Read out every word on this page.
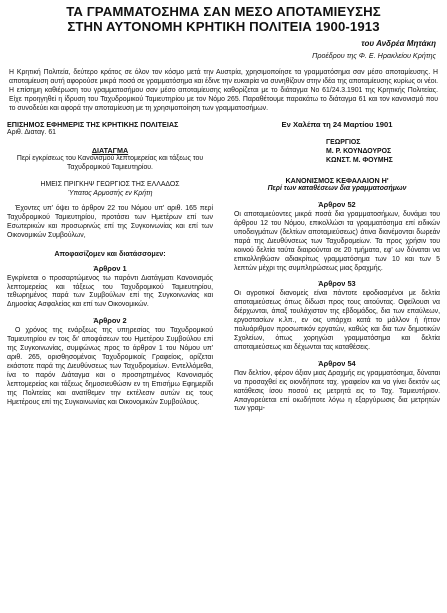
ΤΑ ΓΡΑΜΜΑΤΟΣΗΜΑ ΣΑΝ ΜΕΣΟ ΑΠΟΤΑΜΙΕΥΣΗΣ
ΣΤΗΝ ΑΥΤΟΝΟΜΗ ΚΡΗΤΙΚΗ ΠΟΛΙΤΕΙΑ 1900-1913
του Ανδρέα Μητάκη
Προέδρου της Φ. Ε. Ηρακλείου Κρήτης
Η Κρητική Πολιτεία, δεύτερο κράτος σε όλον τον κόσμο μετά την Αυστρία, χρησιμοποίησε τα γραμματόσημα σαν μέσο αποταμίευσης. Η αποταμίευση αυτή αφορούσε μικρά ποσά σε γραμματόσημα και έδινε την ευκαιρία να συνηθίζουν στην ιδέα της αποταμίευσης κυρίως οι νέοι. Η επίσημη καθιέρωση του γραμματοσήμου σαν μέσο αποταμίευσης καθορίζεται με το διάταγμα Νο 61/24.3.1901 της Κρητικής Πολιτείας. Είχε προηγηθεί η ίδρυση του Ταχυδρομικού Ταμιευτηρίου με τον Νόμο 265. Παραθέτουμε παρακάτω το διάταγμα 61 και τον κανονισμό που το συνοδεύει και αφορά την αποταμίευση με τη χρησιμοποίηση των γραμματοσήμων.
ΕΠΙΣΗΜΟΣ ΕΦΗΜΕΡΙΣ ΤΗΣ ΚΡΗΤΙΚΗΣ ΠΟΛΙΤΕΙΑΣ
Αριθ. Διαταγ. 61
ΔΙΑΤΑΓΜΑ
Περί εγκρίσεως του Κανονισμού λεπτομερείας και τάξεως του Ταχυδρομικού Ταμιευτηρίου.
ΗΜΕΙΣ ΠΡΙΓΚΗΨ ΓΕΩΡΓΙΟΣ ΤΗΣ ΕΛΛΑΔΟΣ
Ύπατος Αρμοστής εν Κρήτη
Έχοντες υπ' όψει το άρθρον 22 του Νόμου υπ' αριθ. 165 περί Ταχυδρομικού Ταμιευτηρίου, προτάσει των Ημετέρων επί των Εσωτερικών και προσωρινώς επί της Συγκοινωνίας και επί των Οικονομικών Συμβούλων,
Αποφασίζομεν και διατάσσομεν:
Άρθρον 1
Εγκρίνεται ο προσαρτώμενος τω παρόντι Διατάγματι Κανονισμός λεπτομερείας και τάξεως του Ταχυδρομικού Ταμιευτηρίου, τεθωρημένος παρά των Συμβούλων επί της Συγκοινωνίας και Δημοσίας Ασφαλείας και επί των Οικονομικών.
Άρθρον 2
Ο χρόνος της ενάρξεως της υπηρεσίας του Ταχυδρομικού Ταμιευτηρίου εν τοις δι' αποφάσεων του Ημετέρου Συμβούλου επί της Συγκοινωνίας, συμφώνως προς το άρθρον 1 του Νόμου υπ' αριθ. 265, ορισθησομένοις Ταχυδρομικοίς Γραφείοις, ορίζεται εκάστοτε παρά της Διευθύνσεως των Ταχυδρομείων. Εντελλόμεθα, ίνα το παρόν Διάταγμα και ο προσηρτημένος Κανονισμός λεπτομερείας και τάξεως δημοσιευθώσιν εν τη Επισήμω Εφημερίδι της Πολιτείας και ανατίθεμεν την εκτέλεσιν αυτών εις τους Ημετέρους επί της Συγκοινωνίας και Οικονομικών Συμβούλους.
Εν Χαλέπα τη 24 Μαρτίου 1901
ΓΕΩΡΓΙΟΣ
Μ. Ρ. ΚΟΥΝΔΟΥΡΟΣ
ΚΩΝΣΤ. Μ. ΦΟΥΜΗΣ
ΚΑΝΟΝΙΣΜΟΣ ΚΕΦΑΛΑΙΟΝ Η'
Περί των καταθέσεων δια γραμματοσήμων
Άρθρον 52
Οι αποταμιεύοντες μικρά ποσά δια γραμματοσήμων, δυνάμει του άρθρου 12 του Νόμου, επικολλώσι τα γραμματόσημα επί ειδικών υποδειγμάτων (δελτίων αποταμιεύσεως) άτινα διανέμονται δωρεάν παρά της Διευθύνσεως των Ταχυδρομείων. Τα προς χρήσιν του κοινού δελτία ταύτα διαιρούνται σε 20 τμήματα, εφ' ων δύναται να επικολληθώσιν αδιακρίτως γραμματόσημα των 10 και των 5 λεπτών μέχρι της συμπληρώσεως μιας δραχμής.
Άρθρον 53
Οι αγροτικοί διανομείς είναι πάντοτε εφοδιασμένοι με δελτία αποταμιεύσεως όπως δίδωσι προς τους αιτούντας. Οφείλουσι να διέρχωνται, άπαξ τουλάχιστον της εβδομάδος, δια των επαύλεων, εργοστασίων κ.λπ., εν οις υπάρχει κατά το μάλλον ή ήττον πολυάριθμον προσωπικόν εργατών, καθώς και δια των δημοτικών Σχολείων, όπως χορηγώσι γραμματόσημα και δελτία αποταμιεύσεως και δέχωνται τας καταθέσεις.
Άρθρον 54
Παν δελτίον, φέρον άξιαν μιας Δραχμής εις γραμματόσημα, δύναται να προσαχθεί εις οιονδήποτε ταχ. γραφείον και να γίνει δεκτόν ως κατάθεσις ίσου ποσού εις μετρητά εις το Ταχ. Ταμιευτήριον. Απαγορεύεται επί οιωδήποτε λόγω η εξαργύρωσις δια μετρητών των γραμ-
